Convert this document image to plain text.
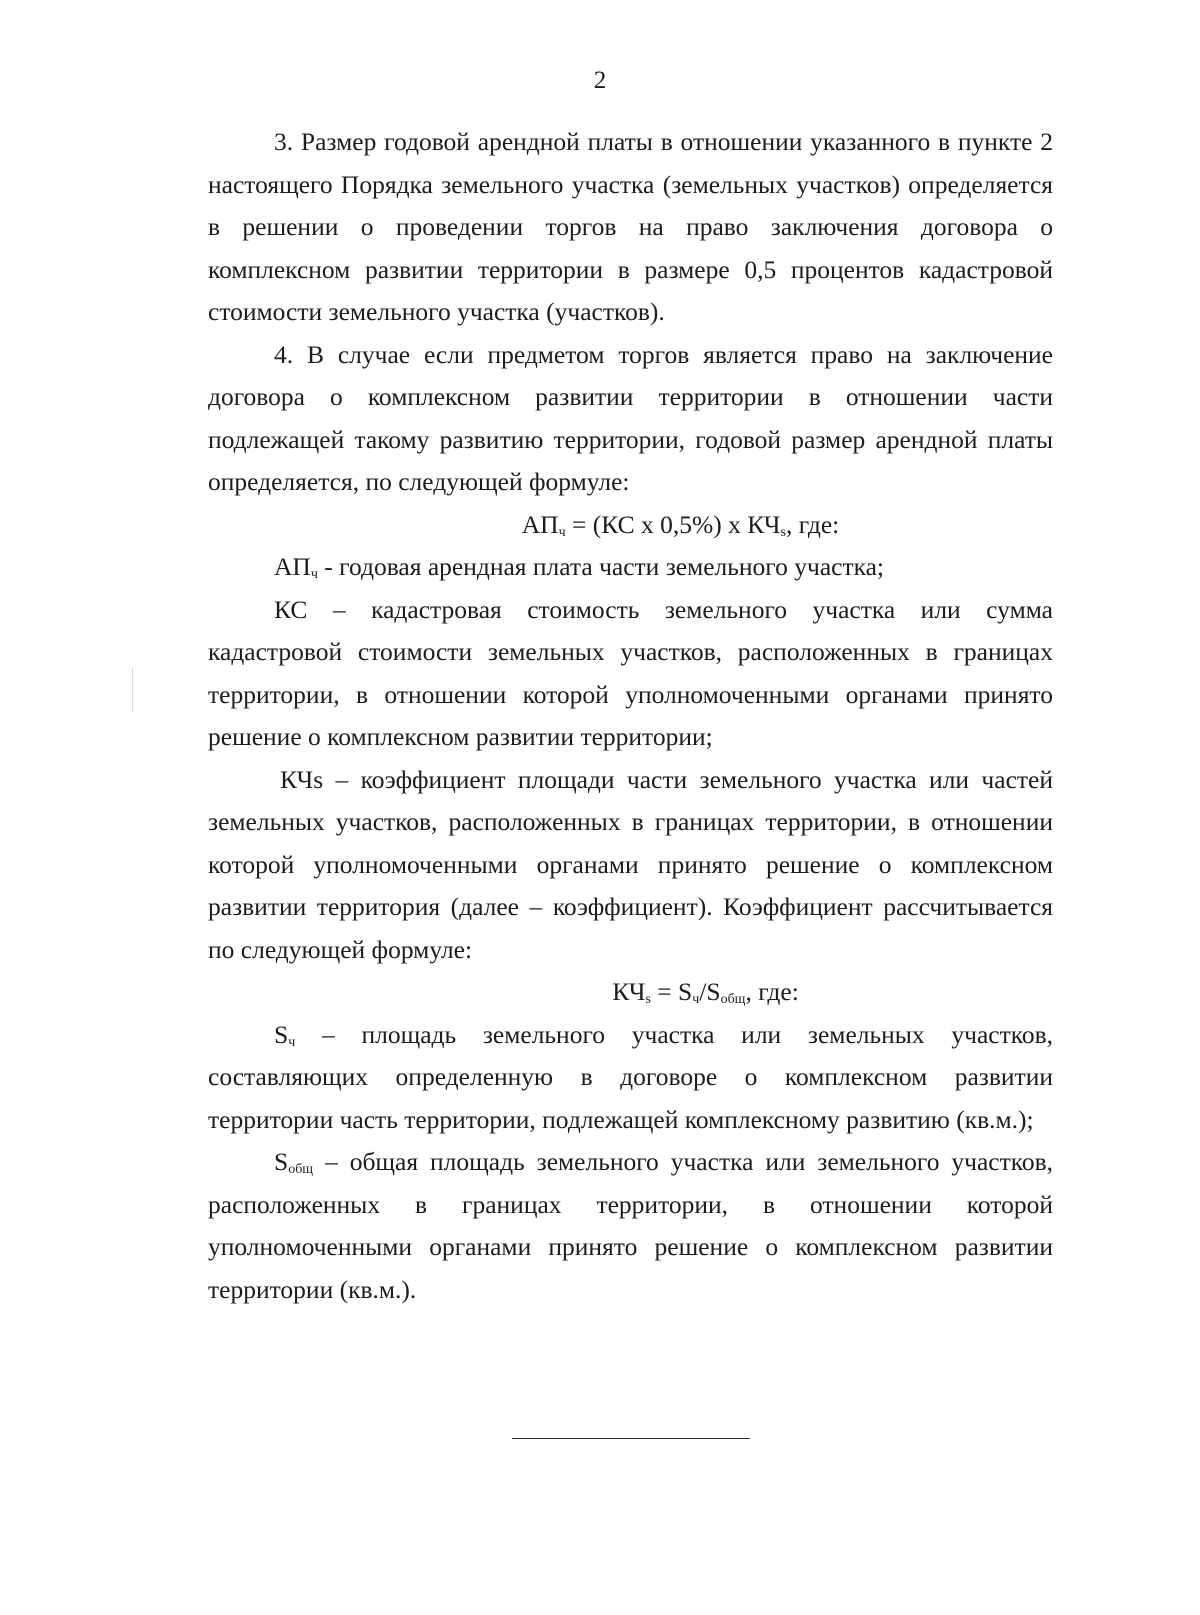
2

3. Размер годовой арендной платы в отношении указанного в пункте 2 настоящего Порядка земельного участка (земельных участков) определяется в решении о проведении торгов на право заключения договора о комплексном развитии территории в размере 0,5 процентов кадастровой стоимости земельного участка (участков).

4. В случае если предметом торгов является право на заключение договора о комплексном развитии территории в отношении части подлежащей такому развитию территории, годовой размер арендной платы определяется, по следующей формуле:

$АП_ч = (КС$ х 0,5%) х $КЧ_s$, где:

$АП_ч$ - годовая арендная плата части земельного участка;

КС – кадастровая стоимость земельного участка или сумма кадастровой стоимости земельных участков, расположенных в границах территории, в отношении которой уполномоченными органами принято решение о комплексном развитии территории;

КЧs – коэффициент площади части земельного участка или частей земельных участков, расположенных в границах территории, в отношении которой уполномоченными органами принято решение о комплексном развитии территория (далее – коэффициент). Коэффициент рассчитывается по следующей формуле:

$КЧ_s = S_ч/S_{общ}$, где:

$S_ч$ – площадь земельного участка или земельных участков, составляющих определенную в договоре о комплексном развитии территории часть территории, подлежащей комплексному развитию (кв.м.);

$S_{общ}$ – общая площадь земельного участка или земельного участков, расположенных в границах территории, в отношении которой уполномоченными органами принято решение о комплексном развитии территории (кв.м.).
